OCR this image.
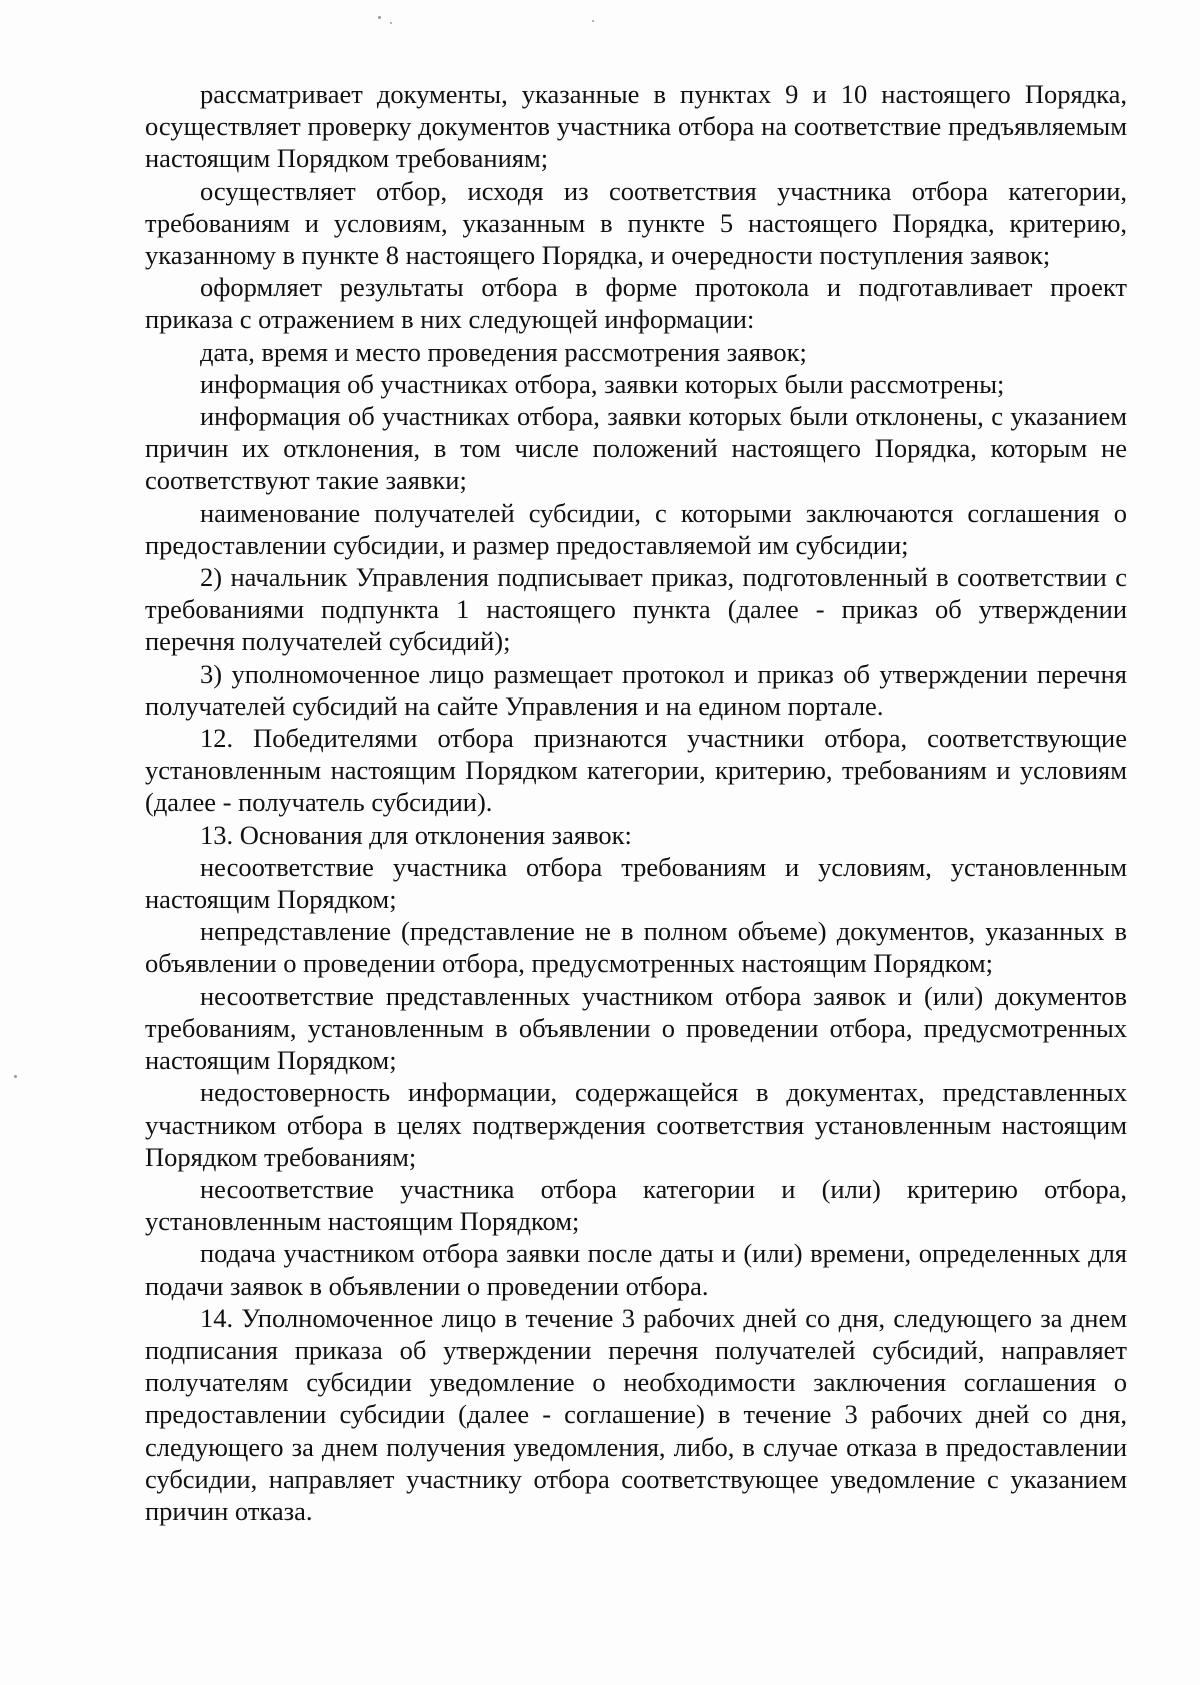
рассматривает документы, указанные в пунктах 9 и 10 настоящего Порядка, осуществляет проверку документов участника отбора на соответствие предъявляемым настоящим Порядком требованиям;

осуществляет отбор, исходя из соответствия участника отбора категории, требованиям и условиям, указанным в пункте 5 настоящего Порядка, критерию, указанному в пункте 8 настоящего Порядка, и очередности поступления заявок;

оформляет результаты отбора в форме протокола и подготавливает проект приказа с отражением в них следующей информации:

дата, время и место проведения рассмотрения заявок;

информация об участниках отбора, заявки которых были рассмотрены;

информация об участниках отбора, заявки которых были отклонены, с указанием причин их отклонения, в том числе положений настоящего Порядка, которым не соответствуют такие заявки;

наименование получателей субсидии, с которыми заключаются соглашения о предоставлении субсидии, и размер предоставляемой им субсидии;

2) начальник Управления подписывает приказ, подготовленный в соответствии с требованиями подпункта 1 настоящего пункта (далее - приказ об утверждении перечня получателей субсидий);

3) уполномоченное лицо размещает протокол и приказ об утверждении перечня получателей субсидий на сайте Управления и на едином портале.

12. Победителями отбора признаются участники отбора, соответствующие установленным настоящим Порядком категории, критерию, требованиям и условиям (далее - получатель субсидии).

13. Основания для отклонения заявок:

несоответствие участника отбора требованиям и условиям, установленным настоящим Порядком;

непредставление (представление не в полном объеме) документов, указанных в объявлении о проведении отбора, предусмотренных настоящим Порядком;

несоответствие представленных участником отбора заявок и (или) документов требованиям, установленным в объявлении о проведении отбора, предусмотренных настоящим Порядком;

недостоверность информации, содержащейся в документах, представленных участником отбора в целях подтверждения соответствия установленным настоящим Порядком требованиям;

несоответствие участника отбора категории и (или) критерию отбора, установленным настоящим Порядком;

подача участником отбора заявки после даты и (или) времени, определенных для подачи заявок в объявлении о проведении отбора.

14. Уполномоченное лицо в течение 3 рабочих дней со дня, следующего за днем подписания приказа об утверждении перечня получателей субсидий, направляет получателям субсидии уведомление о необходимости заключения соглашения о предоставлении субсидии (далее - соглашение) в течение 3 рабочих дней со дня, следующего за днем получения уведомления, либо, в случае отказа в предоставлении субсидии, направляет участнику отбора соответствующее уведомление с указанием причин отказа.
